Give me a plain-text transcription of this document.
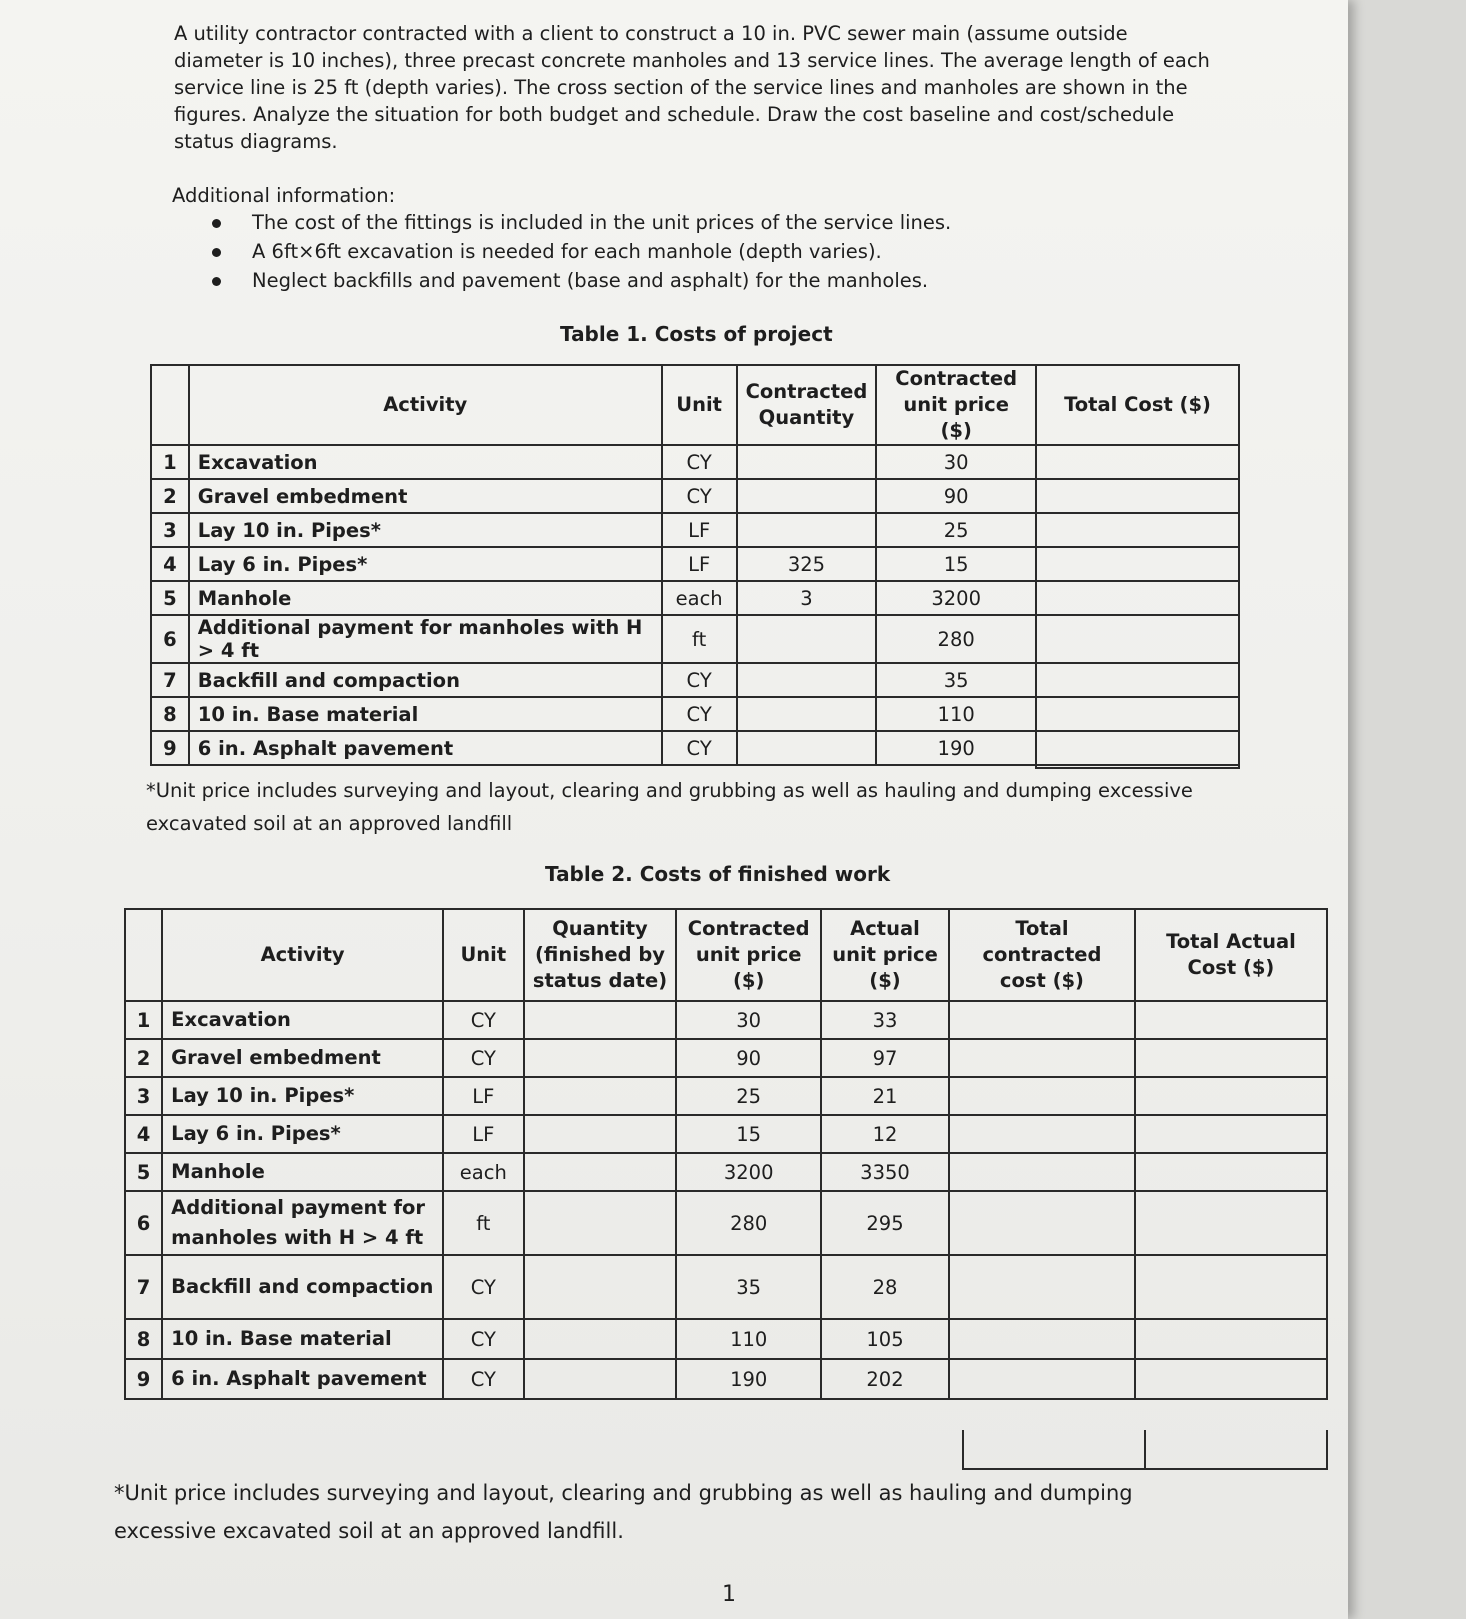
A utility contractor contracted with a client to construct a 10 in. PVC sewer main (assume outside diameter is 10 inches), three precast concrete manholes and 13 service lines. The average length of each service line is 25 ft (depth varies). The cross section of the service lines and manholes are shown in the figures. Analyze the situation for both budget and schedule. Draw the cost baseline and cost/schedule status diagrams.

Additional information:

The cost of the fittings is included in the unit prices of the service lines.
A 6ft×6ft excavation is needed for each manhole (depth varies).
Neglect backfills and pavement (base and asphalt) for the manholes.
Table 1. Costs of project
	Activity	Unit	Contracted Quantity	Contracted unit price ($)	Total Cost ($)
1	Excavation	CY		30	
2	Gravel embedment	CY		90	
3	Lay 10 in. Pipes*	LF		25	
4	Lay 6 in. Pipes*	LF	325	15	
5	Manhole	each	3	3200	
6	Additional payment for manholes with H > 4 ft	ft		280	
7	Backfill and compaction	CY		35	
8	10 in. Base material	CY		110	
9	6 in. Asphalt pavement	CY		190	

*Unit price includes surveying and layout, clearing and grubbing as well as hauling and dumping excessive excavated soil at an approved landfill

Table 2. Costs of finished work
	Activity	Unit	Quantity (finished by status date)	Contracted unit price ($)	Actual unit price ($)	Total contracted cost ($)	Total Actual Cost ($)
1	Excavation	CY		30	33		
2	Gravel embedment	CY		90	97		
3	Lay 10 in. Pipes*	LF		25	21		
4	Lay 6 in. Pipes*	LF		15	12		
5	Manhole	each		3200	3350		
6	Additional payment for manholes with H > 4 ft	ft		280	295		
7	Backfill and compaction	CY		35	28		
8	10 in. Base material	CY		110	105		
9	6 in. Asphalt pavement	CY		190	202		

*Unit price includes surveying and layout, clearing and grubbing as well as hauling and dumping excessive excavated soil at an approved landfill.

1
